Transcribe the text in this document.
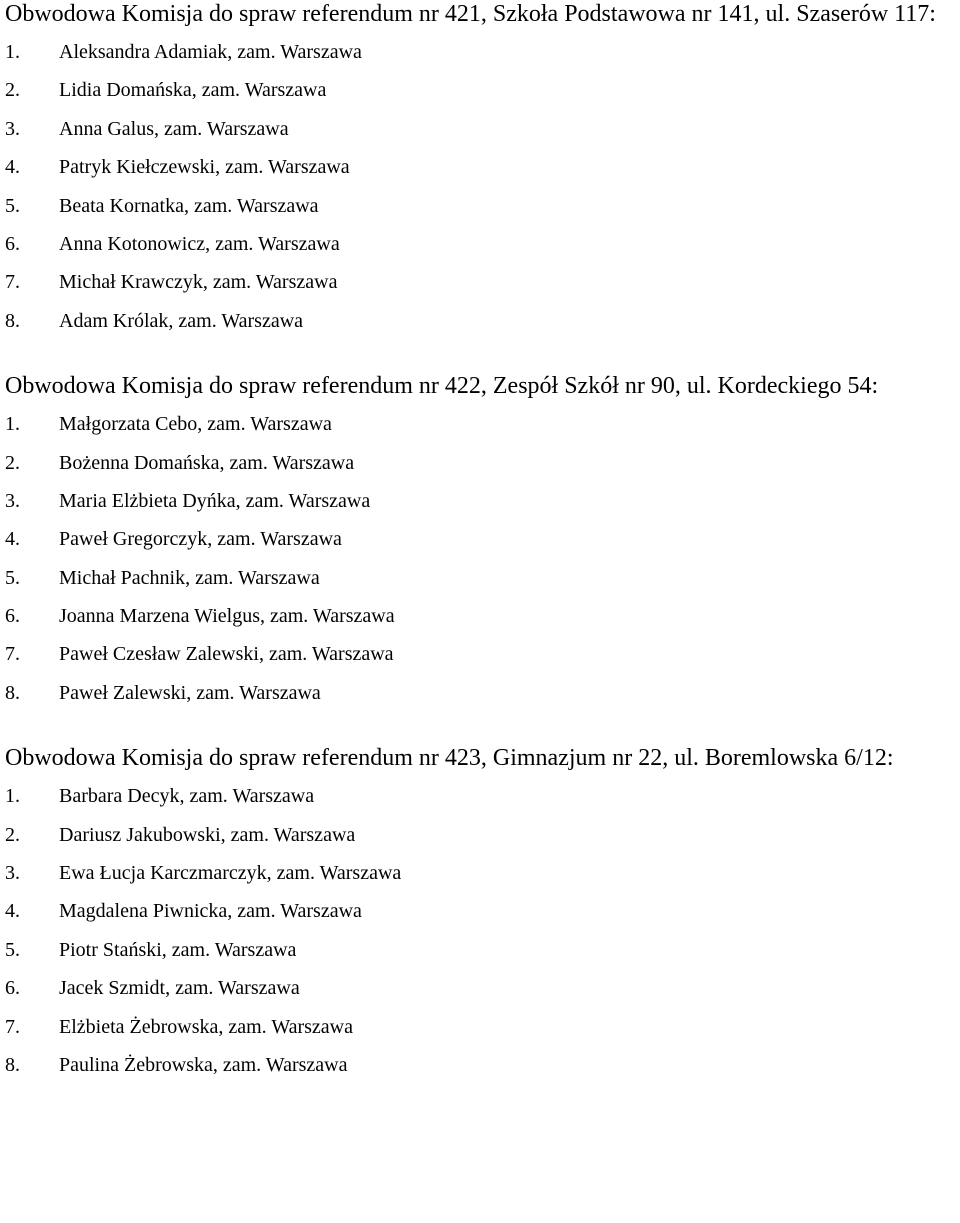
Obwodowa Komisja do spraw referendum nr 421, Szkoła Podstawowa nr 141, ul. Szaserów 117:

1.	Aleksandra Adamiak, zam. Warszawa
2.	Lidia Domańska, zam. Warszawa
3.	Anna Galus, zam. Warszawa
4.	Patryk Kiełczewski, zam. Warszawa
5.	Beata Kornatka, zam. Warszawa
6.	Anna Kotonowicz, zam. Warszawa
7.	Michał Krawczyk, zam. Warszawa
8.	Adam Królak, zam. Warszawa

Obwodowa Komisja do spraw referendum nr 422, Zespół Szkół nr 90, ul. Kordeckiego 54:

1.	Małgorzata Cebo, zam. Warszawa
2.	Bożenna Domańska, zam. Warszawa
3.	Maria Elżbieta Dyńka, zam. Warszawa
4.	Paweł Gregorczyk, zam. Warszawa
5.	Michał Pachnik, zam. Warszawa
6.	Joanna Marzena Wielgus, zam. Warszawa
7.	Paweł Czesław Zalewski, zam. Warszawa
8.	Paweł Zalewski, zam. Warszawa

Obwodowa Komisja do spraw referendum nr 423, Gimnazjum nr 22, ul. Boremlowska 6/12:

1.	Barbara Decyk, zam. Warszawa
2.	Dariusz Jakubowski, zam. Warszawa
3.	Ewa Łucja Karczmarczyk, zam. Warszawa
4.	Magdalena Piwnicka, zam. Warszawa
5.	Piotr Stański, zam. Warszawa
6.	Jacek Szmidt, zam. Warszawa
7.	Elżbieta Żebrowska, zam. Warszawa
8.	Paulina Żebrowska, zam. Warszawa
